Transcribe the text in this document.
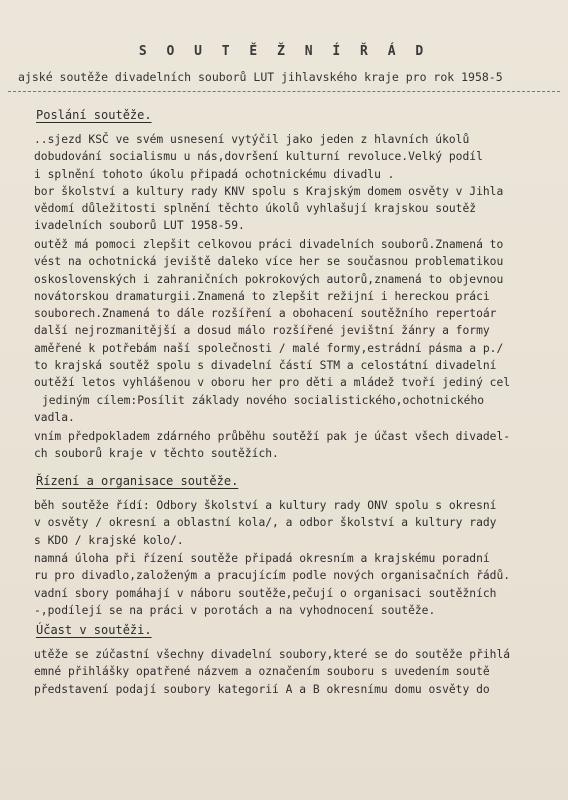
S O U T Ě Ž N Í Ř Á D
ajské soutěže divadelních souborů LUT jihlavského kraje pro rok 1958-5
Poslání soutěže.
..sjezd KSČ ve svém usnesení vytýčil jako jeden z hlavních úkolů
dobudování socialismu u nás,dovršení kulturní revoluce.Velký podíl
i splnění tohoto úkolu připadá ochotnickému divadlu .
bor školství a kultury rady KNV spolu s Krajským domem osvěty v Jihla
vědomí důležitosti splnění těchto úkolů vyhlašují krajskou soutěž
ivadelních souborů LUT 1958-59.
outěž má pomoci zlepšit celkovou práci divadelních souborů.Znamená to
vést na ochotnická jeviště daleko více her se současnou problematikou
oskoslovenských i zahraničních pokrokových autorů,znamená to objevnou
novátorskou dramaturgii.Znamená to zlepšit režijní i hereckou práci
souborech.Znamená to dále rozšíření a obohacení soutěžního repertoár
další nejrozmanitější a dosud málo rozšířené jevištní žánry a formy
aměřené k potřebám naší společnosti / malé formy,estrádní pásma a p./
to krajská soutěž spolu s divadelní částí STM a celostátní divadelní
outěží letos vyhlášenou v oboru her pro děti a mládež tvoří jediný cel
jediným cílem:Posílit základy nového socialistického,ochotnického
vadla.
vním předpokladem zdárného průběhu soutěží pak je účast všech divadel-
ch souborů kraje v těchto soutěžích.
Řízení a organisace soutěže.
běh soutěže řídí: Odbory školství a kultury rady ONV spolu s okresní
v osvěty / okresní a oblastní kola/, a odbor školství a kultury rady
s KDO / krajské kolo/.
namná úloha při řízení soutěže připadá okresním a krajskému poradní
ru pro divadlo,založeným a pracujícím podle nových organisačních řádů.
vadní sbory pomáhají v náboru soutěže,pečují o organisaci soutěžních
-,podílejí se na práci v porotách a na vyhodnocení soutěže.
Účast v soutěži.
utěže se zúčastní všechny divadelní soubory,které se do soutěže přihlá
emné přihlášky opatřené názvem a označením souboru s uvedením soutě
představení podají soubory kategorií A a B okresnímu domu osvěty do
